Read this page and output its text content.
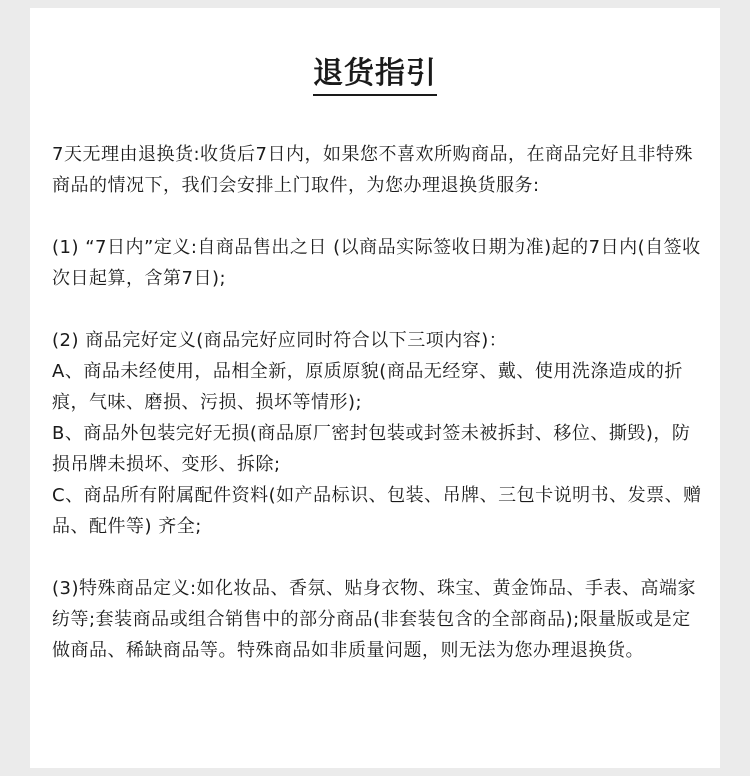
退货指引

7天无理由退换货:收货后7日内，如果您不喜欢所购商品，在商品完好且非特殊商品的情况下，我们会安排上门取件，为您办理退换货服务:

(1) “7日内”定义:自商品售出之日 (以商品实际签收日期为准)起的7日内(自签收次日起算，含第7日);

(2) 商品完好定义(商品完好应同时符合以下三项内容)：

A、商品未经使用，品相全新，原质原貌(商品无经穿、戴、使用洗涤造成的折痕，气味、磨损、污损、损坏等情形);

B、商品外包装完好无损(商品原厂密封包装或封签未被拆封、移位、撕毁)，防损吊牌未损坏、变形、拆除;

C、商品所有附属配件资料(如产品标识、包装、吊牌、三包卡说明书、发票、赠品、配件等) 齐全;

(3)特殊商品定义:如化妆品、香氛、贴身衣物、珠宝、黄金饰品、手表、高端家纺等;套装商品或组合销售中的部分商品(非套装包含的全部商品);限量版或是定做商品、稀缺商品等。特殊商品如非质量问题，则无法为您办理退换货。
